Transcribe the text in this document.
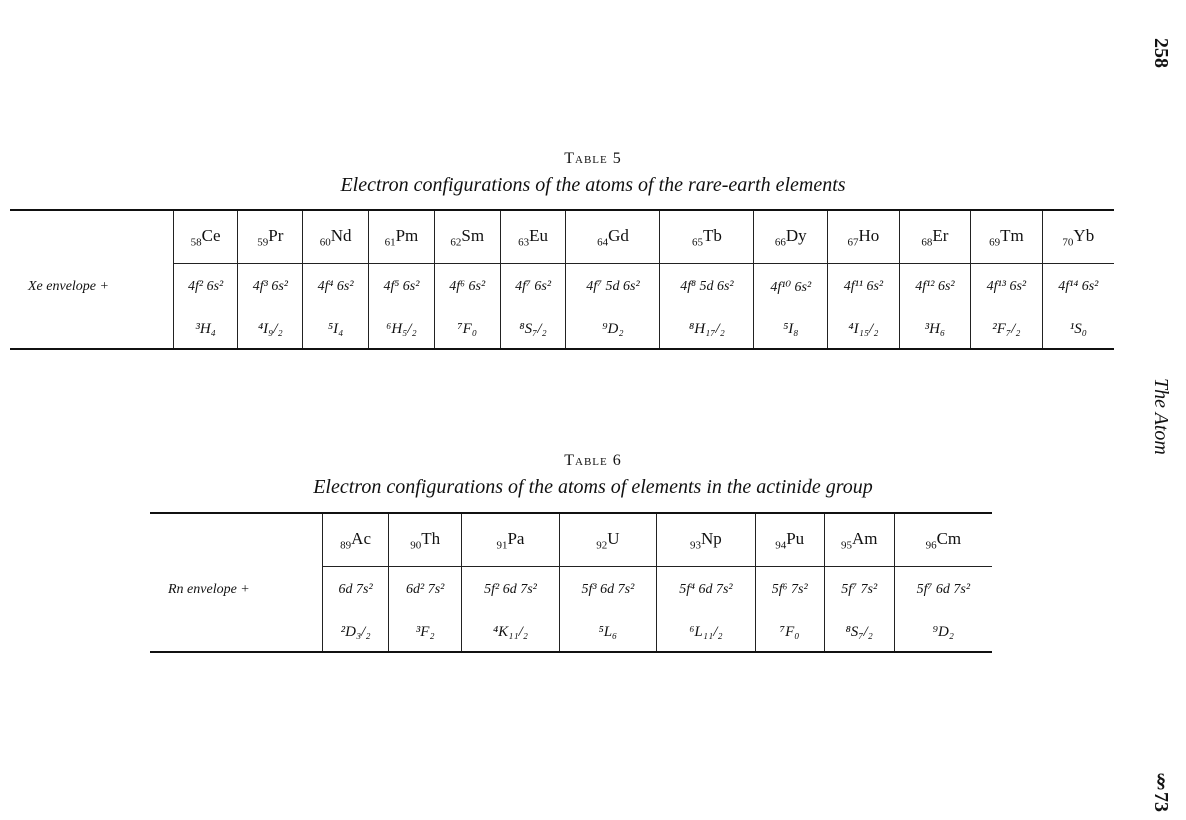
258
The Atom
§73
Table 5
Electron configurations of the atoms of the rare-earth elements
	$_{58}$Ce	$_{59}$Pr	$_{60}$Nd	$_{61}$Pm	$_{62}$Sm	$_{63}$Eu	$_{64}$Gd	$_{65}$Tb	$_{66}$Dy	$_{67}$Ho	$_{68}$Er	$_{69}$Tm	$_{70}$Yb
Xe envelope +	4f² 6s²	4f³ 6s²	4f⁴ 6s²	4f⁵ 6s²	4f⁶ 6s²	4f⁷ 6s²	4f⁷ 5d 6s²	4f⁸ 5d 6s²	4f¹⁰ 6s²	4f¹¹ 6s²	4f¹² 6s²	4f¹³ 6s²	4f¹⁴ 6s²
	³H₄	⁴I₉/₂	⁵I₄	⁶H₅/₂	⁷F₀	⁸S₇/₂	⁹D₂	⁸H₁₇/₂	⁵I₈	⁴I₁₅/₂	³H₆	²F₇/₂	¹S₀
Table 6
Electron configurations of the atoms of elements in the actinide group
	$_{89}$Ac	$_{90}$Th	$_{91}$Pa	$_{92}$U	$_{93}$Np	$_{94}$Pu	$_{95}$Am	$_{96}$Cm
Rn envelope +	6d 7s²	6d² 7s²	5f² 6d 7s²	5f³ 6d 7s²	5f⁴ 6d 7s²	5f⁶ 7s²	5f⁷ 7s²	5f⁷ 6d 7s²
	²D₃/₂	³F₂	⁴K₁₁/₂	⁵L₆	⁶L₁₁/₂	⁷F₀	⁸S₇/₂	⁹D₂
